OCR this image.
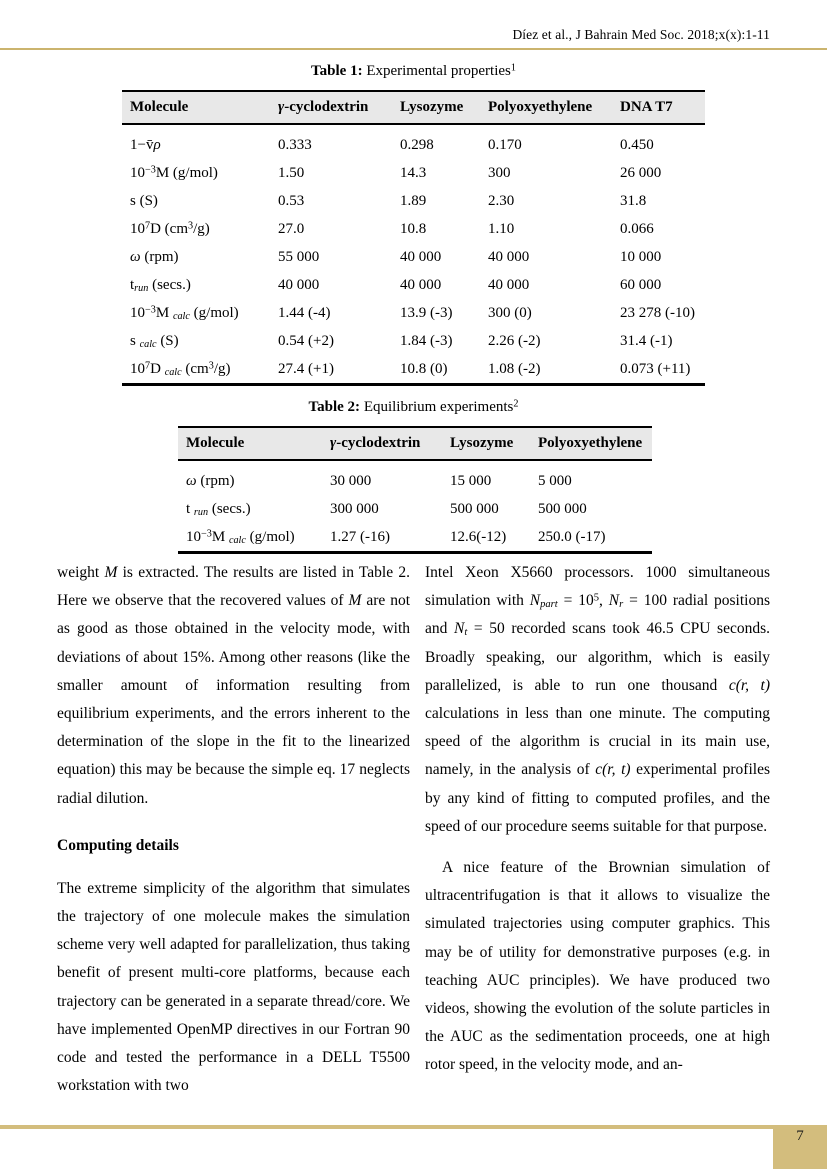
Díez et al., J Bahrain Med Soc. 2018;x(x):1-11
Table 1: Experimental properties$^1$
Molecule	γ-cyclodextrin	Lysozyme	Polyoxyethylene	DNA T7
1−v̄ρ	0.333	0.298	0.170	0.450
$10^{-3}M$ (g/mol)	1.50	14.3	300	26 000
s (S)	0.53	1.89	2.30	31.8
$10^7D$ $(cm^3/g)$	27.0	10.8	1.10	0.066
ω (rpm)	55 000	40 000	40 000	10 000
trun (secs.)	40 000	40 000	40 000	60 000
$10^{-3}M$ calc (g/mol)	1.44 (-4)	13.9 (-3)	300 (0)	23 278 (-10)
s calc (S)	0.54 (+2)	1.84 (-3)	2.26 (-2)	31.4 (-1)
$10^7D$ calc $(cm^3/g)$	27.4 (+1)	10.8 (0)	1.08 (-2)	0.073 (+11)
Table 2: Equilibrium experiments$^2$
Molecule	γ-cyclodextrin	Lysozyme	Polyoxyethylene
ω (rpm)	30 000	15 000	5 000
t run (secs.)	300 000	500 000	500 000
$10^{-3}M$ calc (g/mol)	1.27 (-16)	12.6(-12)	250.0 (-17)

weight M is extracted. The results are listed in Table 2. Here we observe that the recovered values of M are not as good as those obtained in the velocity mode, with deviations of about 15%. Among other reasons (like the smaller amount of information resulting from equilibrium experiments, and the errors inherent to the determination of the slope in the fit to the linearized equation) this may be because the simple eq. 17 neglects radial dilution.

Computing details

The extreme simplicity of the algorithm that simulates the trajectory of one molecule makes the simulation scheme very well adapted for parallelization, thus taking benefit of present multi-core platforms, because each trajectory can be generated in a separate thread/core. We have implemented OpenMP directives in our Fortran 90 code and tested the performance in a DELL T5500 workstation with two

Intel Xeon X5660 processors. 1000 simultaneous simulation with Npart = $10^5$, Nr = 100 radial positions and Nt = 50 recorded scans took 46.5 CPU seconds. Broadly speaking, our algorithm, which is easily parallelized, is able to run one thousand c(r, t) calculations in less than one minute. The computing speed of the algorithm is crucial in its main use, namely, in the analysis of c(r, t) experimental profiles by any kind of fitting to computed profiles, and the speed of our procedure seems suitable for that purpose.

A nice feature of the Brownian simulation of ultracentrifugation is that it allows to visualize the simulated trajectories using computer graphics. This may be of utility for demonstrative purposes (e.g. in teaching AUC principles). We have produced two videos, showing the evolution of the solute particles in the AUC as the sedimentation proceeds, one at high rotor speed, in the velocity mode, and an-

7
